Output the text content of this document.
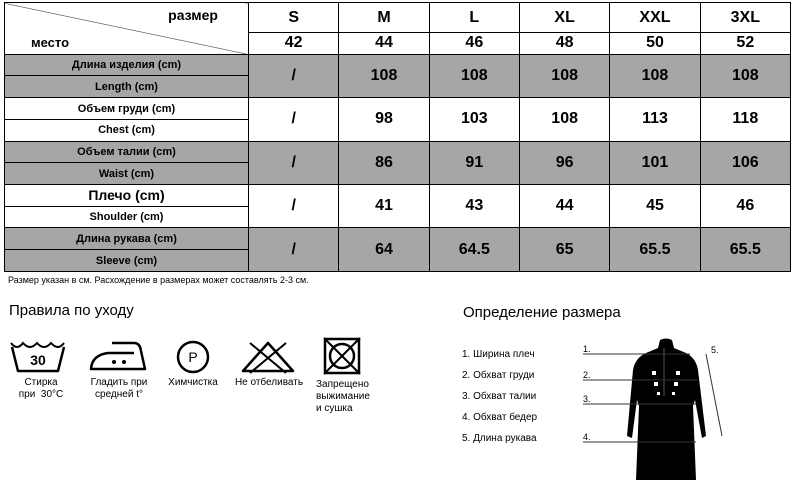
размер
место	S	M	L	XL	XXL	3XL
	42	44	46	48	50	52
Длина изделия (cm)	/	108	108	108	108	108
Length (cm)						
Объем груди (cm)	/	98	103	108	113	118
Chest (cm)						
Объем талии (cm)	/	86	91	96	101	106
Waist (cm)						
Плечо (cm)	/	41	43	44	45	46
Shoulder (cm)						
Длина рукава (cm)	/	64	64.5	65	65.5	65.5
Sleeve (cm)						
Размер указан в см. Расхождение в размерах может составлять 2-3 см.
Правила по уходу
30
Стирка
при  30°C
Гладить при
средней t°
P
Химчистка	Не отбеливать	Запрещено
выжимание
и сушка
Определение размера
1. Ширина плеч
2. Обхват груди
3. Обхват талии
4. Обхват бедер
5. Длина рукава
1.
2.
3.
4.
5.
